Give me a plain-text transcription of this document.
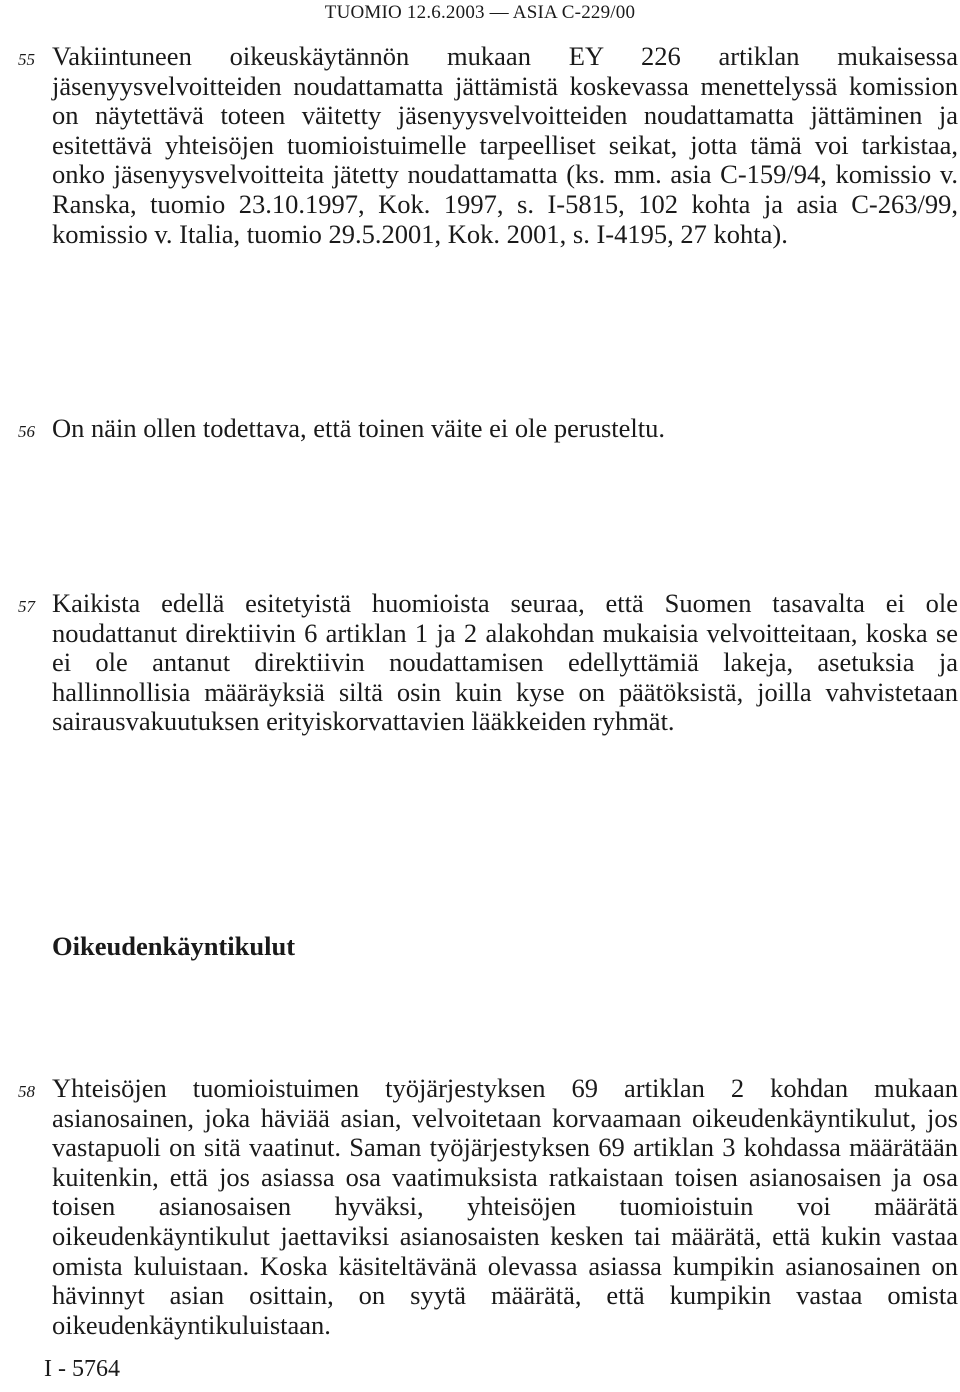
TUOMIO 12.6.2003 — ASIA C-229/00
55 Vakiintuneen oikeuskäytännön mukaan EY 226 artiklan mukaisessa jäsenyysvelvoitteiden noudattamatta jättämistä koskevassa menettelyssä komission on näytettävä toteen väitetty jäsenyysvelvoitteiden noudattamatta jättäminen ja esitettävä yhteisöjen tuomioistuimelle tarpeelliset seikat, jotta tämä voi tarkistaa, onko jäsenyysvelvoitteita jätetty noudattamatta (ks. mm. asia C-159/94, komissio v. Ranska, tuomio 23.10.1997, Kok. 1997, s. I-5815, 102 kohta ja asia C-263/99, komissio v. Italia, tuomio 29.5.2001, Kok. 2001, s. I-4195, 27 kohta).
56 On näin ollen todettava, että toinen väite ei ole perusteltu.
57 Kaikista edellä esitetyistä huomioista seuraa, että Suomen tasavalta ei ole noudattanut direktiivin 6 artiklan 1 ja 2 alakohdan mukaisia velvoitteitaan, koska se ei ole antanut direktiivin noudattamisen edellyttämiä lakeja, asetuksia ja hallinnollisia määräyksiä siltä osin kuin kyse on päätöksistä, joilla vahvistetaan sairausvakuutuksen erityiskorvattavien lääkkeiden ryhmät.
Oikeudenkäyntikulut
58 Yhteisöjen tuomioistuimen työjärjestyksen 69 artiklan 2 kohdan mukaan asianosainen, joka häviää asian, velvoitetaan korvaamaan oikeudenkäyntikulut, jos vastapuoli on sitä vaatinut. Saman työjärjestyksen 69 artiklan 3 kohdassa määrätään kuitenkin, että jos asiassa osa vaatimuksista ratkaistaan toisen asianosaisen ja osa toisen asianosaisen hyväksi, yhteisöjen tuomioistuin voi määrätä oikeudenkäyntikulut jaettaviksi asianosaisten kesken tai määrätä, että kukin vastaa omista kuluistaan. Koska käsiteltävänä olevassa asiassa kumpikin asianosainen on hävinnyt asian osittain, on syytä määrätä, että kumpikin vastaa omista oikeudenkäyntikuluistaan.
I - 5764
